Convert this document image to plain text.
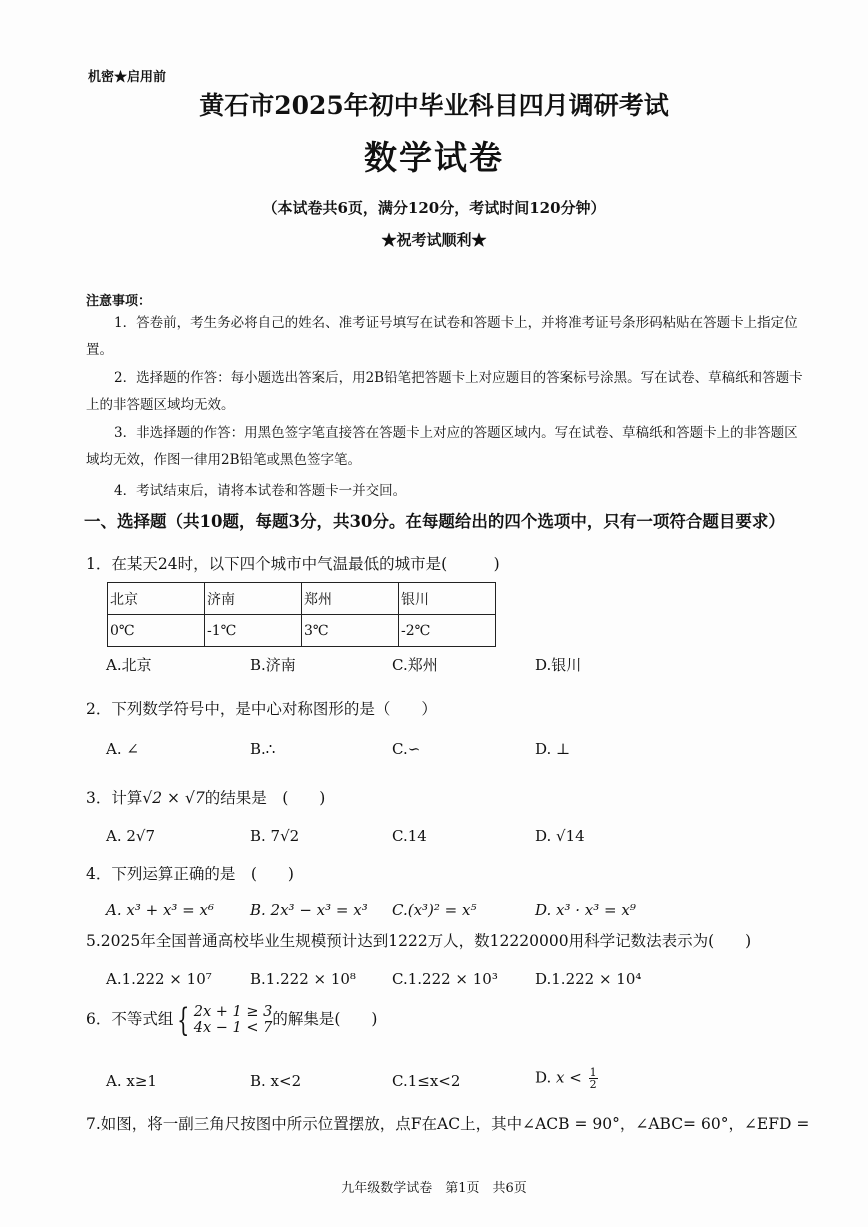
机密★启用前
黄石市2025年初中毕业科目四月调研考试
数学试卷
（本试卷共6页，满分120分，考试时间120分钟）
★祝考试顺利★
注意事项：
1．答卷前，考生务必将自己的姓名、准考证号填写在试卷和答题卡上，并将准考证号条形码粘贴在答题卡上指定位置。
2．选择题的作答：每小题选出答案后，用2B铅笔把答题卡上对应题目的答案标号涂黑。写在试卷、草稿纸和答题卡上的非答题区域均无效。
3．非选择题的作答：用黑色签字笔直接答在答题卡上对应的答题区域内。写在试卷、草稿纸和答题卡上的非答题区域均无效，作图一律用2B铅笔或黑色签字笔。
4．考试结束后，请将本试卷和答题卡一并交回。
一、选择题（共10题，每题3分，共30分。在每题给出的四个选项中，只有一项符合题目要求）
1．在某天24时，以下四个城市中气温最低的城市是(　　　)
北京	济南	郑州	银川
0℃	-1℃	3℃	-2℃
A.北京	B.济南	C.郑州	D.银川
2．下列数学符号中，是中心对称图形的是（　　）
A. ∠	B.∴	C.∽	D. ⊥
3．计算√2 × √7的结果是　(　　)
A. 2√7	B. 7√2	C.14	D. √14
4．下列运算正确的是　(　　)
A. x³ + x³ = x⁶ B. 2x³ − x³ = x³ C.(x³)² = x⁵	D. x³ · x³ = x⁹
5.2025年全国普通高校毕业生规模预计达到1222万人，数12220000用科学记数法表示为(　　)
A.1.222 × 10⁷	B.1.222 × 10⁸ C.1.222 × 10³ D.1.222 × 10⁴
6．不等式组 { 2x + 1 ≥ 3
4x − 1 < 7 的解集是(　　)
A. x≥1	B. x<2	C.1≤x<2	D. $x < \frac{1}{2}$
7.如图，将一副三角尺按图中所示位置摆放，点F在AC上，其中∠ACB = 90°，∠ABC= 60°，∠EFD =
九年级数学试卷　第1页　共6页
